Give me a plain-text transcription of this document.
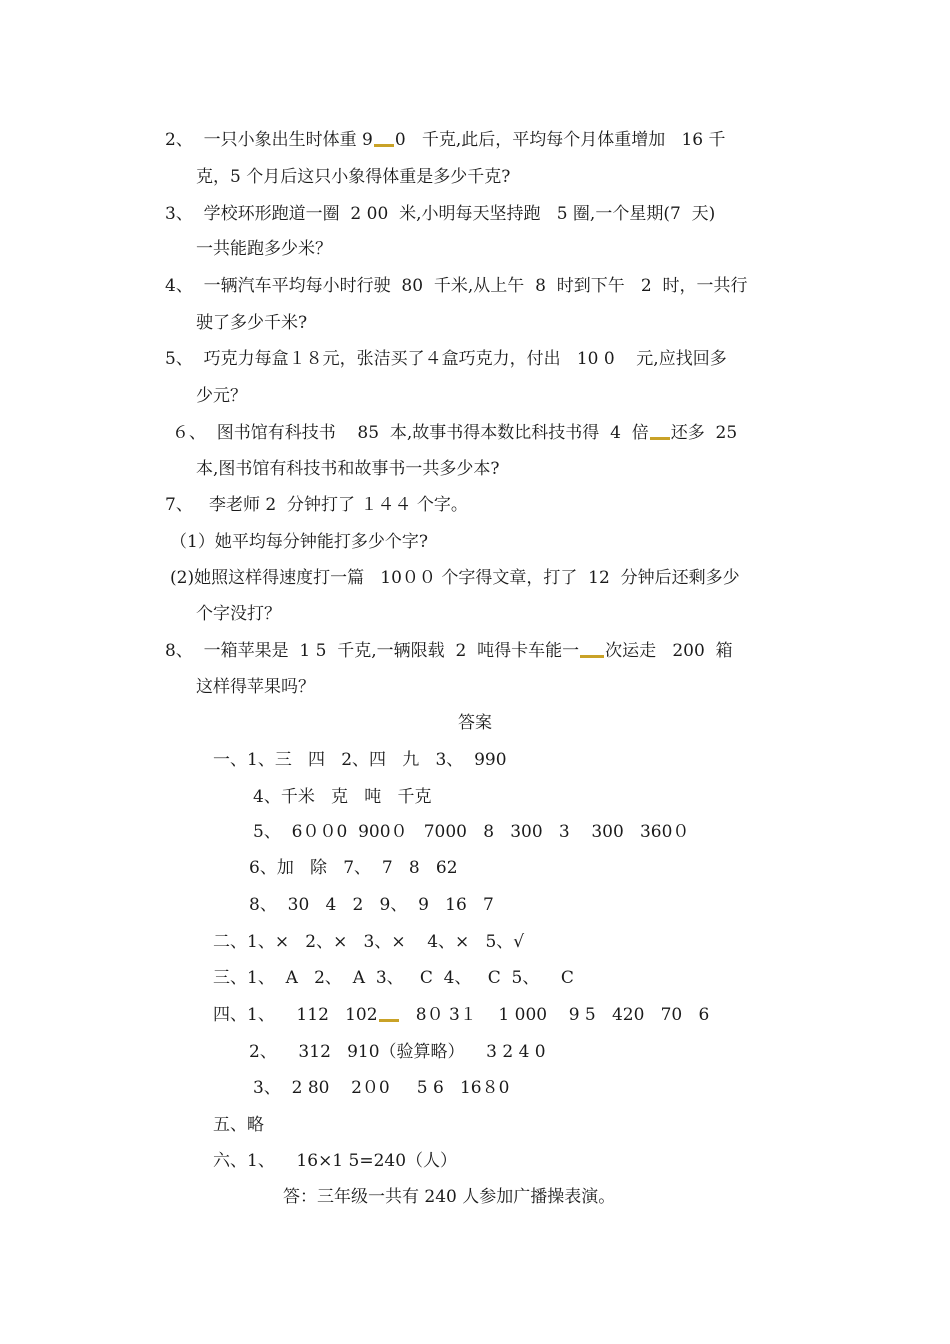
2、  一只小象出生时体重 9 0   千克,此后，平均每个月体重增加   16 千
克，5 个月后这只小象得体重是多少千克?
3、  学校环形跑道一圈  2 00  米,小明每天坚持跑   5 圈,一个星期(7  天)
一共能跑多少米？
4、  一辆汽车平均每小时行驶  80  千米,从上午  8  时到下午   2  时，一共行
驶了多少千米?
5、  巧克力每盒１８元，张洁买了４盒巧克力，付出   10 0    元,应找回多
少元？
６、  图书馆有科技书    85  本,故事书得本数比科技书得  4  倍 还多  25
本,图书馆有科技书和故事书一共多少本?
7、   李老师 2  分钟打了 １４４ 个字。
（1）她平均每分钟能打多少个字?
(2)她照这样得速度打一篇   10００ 个字得文章，打了  12  分钟后还剩多少
个字没打？
8、  一箱苹果是  1 5  千克,一辆限载  2  吨得卡车能一 次运走   200  箱
这样得苹果吗？
答案
一、1、三   四   2、四   九   3、  990
4、千米   克   吨   千克
5、  6００0  900０   7000   8   300   3    300   360０
6、加   除   7、  7   8   62
8、  30   4   2   9、  9   16   7
二、1、×   2、×   3、×    4、×   5、√
三、1、  A   2、  A  3、   C  4、   C  5、    C
四、1、    112   102   8０ 3１    1 000    9 5   420   70   6
2、    312   910（验算略）    3 2 4 0
3、  2 80    2０0     5 6   16８0
五、略
六、1、    16×1 5=240（人）
答：三年级一共有 240 人参加广播操表演。
